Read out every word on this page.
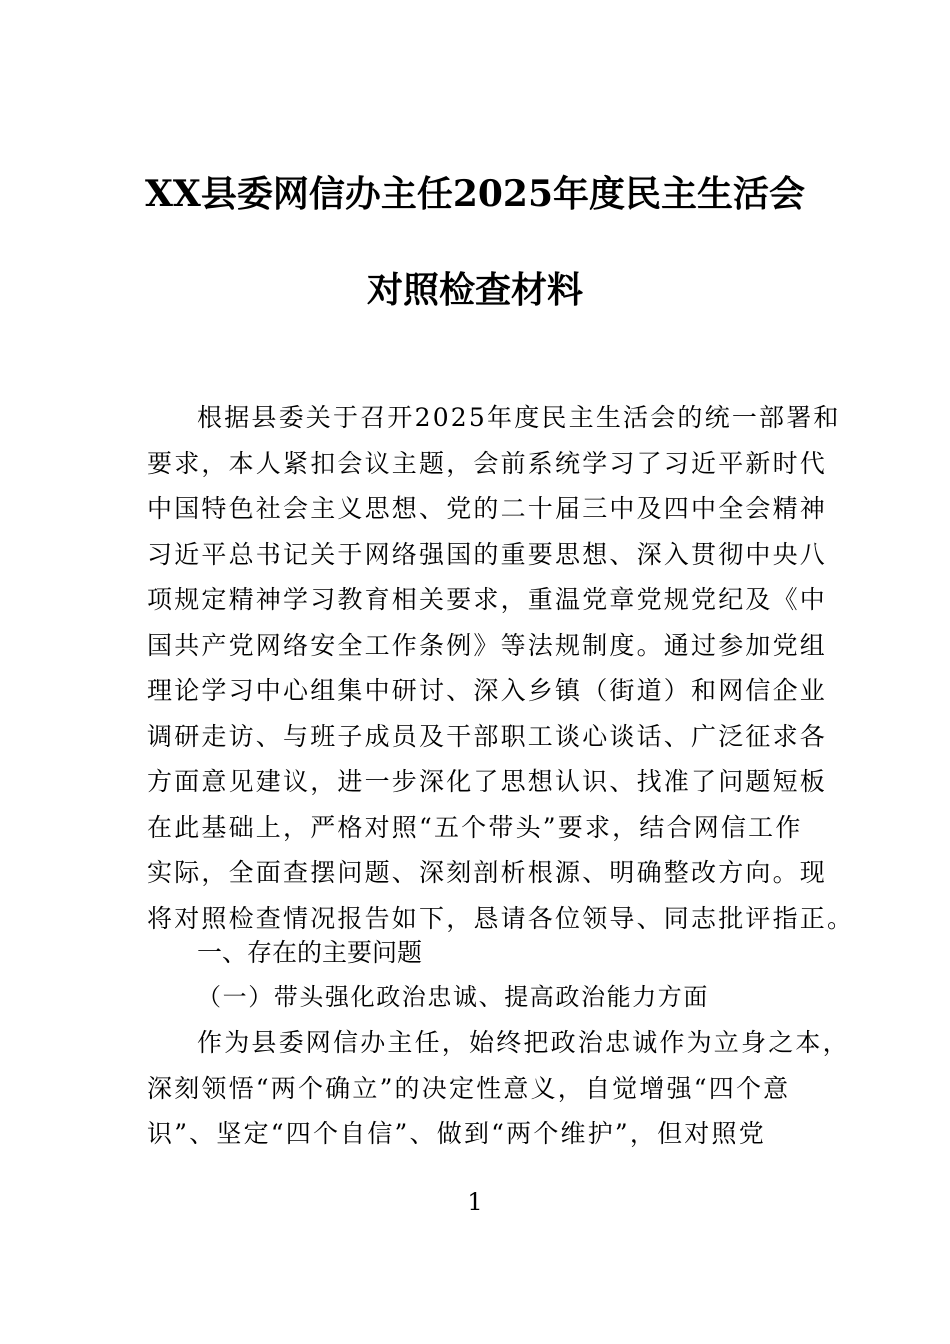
XX县委网信办主任2025年度民主生活会
对照检查材料
根据县委关于召开2025年度民主生活会的统一部署和
要求，本人紧扣会议主题，会前系统学习了习近平新时代
中国特色社会主义思想、党的二十届三中及四中全会精神
习近平总书记关于网络强国的重要思想、深入贯彻中央八
项规定精神学习教育相关要求，重温党章党规党纪及《中
国共产党网络安全工作条例》等法规制度。通过参加党组
理论学习中心组集中研讨、深入乡镇（街道）和网信企业
调研走访、与班子成员及干部职工谈心谈话、广泛征求各
方面意见建议，进一步深化了思想认识、找准了问题短板
在此基础上，严格对照“五个带头”要求，结合网信工作
实际，全面查摆问题、深刻剖析根源、明确整改方向。现
将对照检查情况报告如下，恳请各位领导、同志批评指正。
一、存在的主要问题
（一）带头强化政治忠诚、提高政治能力方面
作为县委网信办主任，始终把政治忠诚作为立身之本，
深刻领悟“两个确立”的决定性意义，自觉增强“四个意
识”、坚定“四个自信”、做到“两个维护”，但对照党
1
